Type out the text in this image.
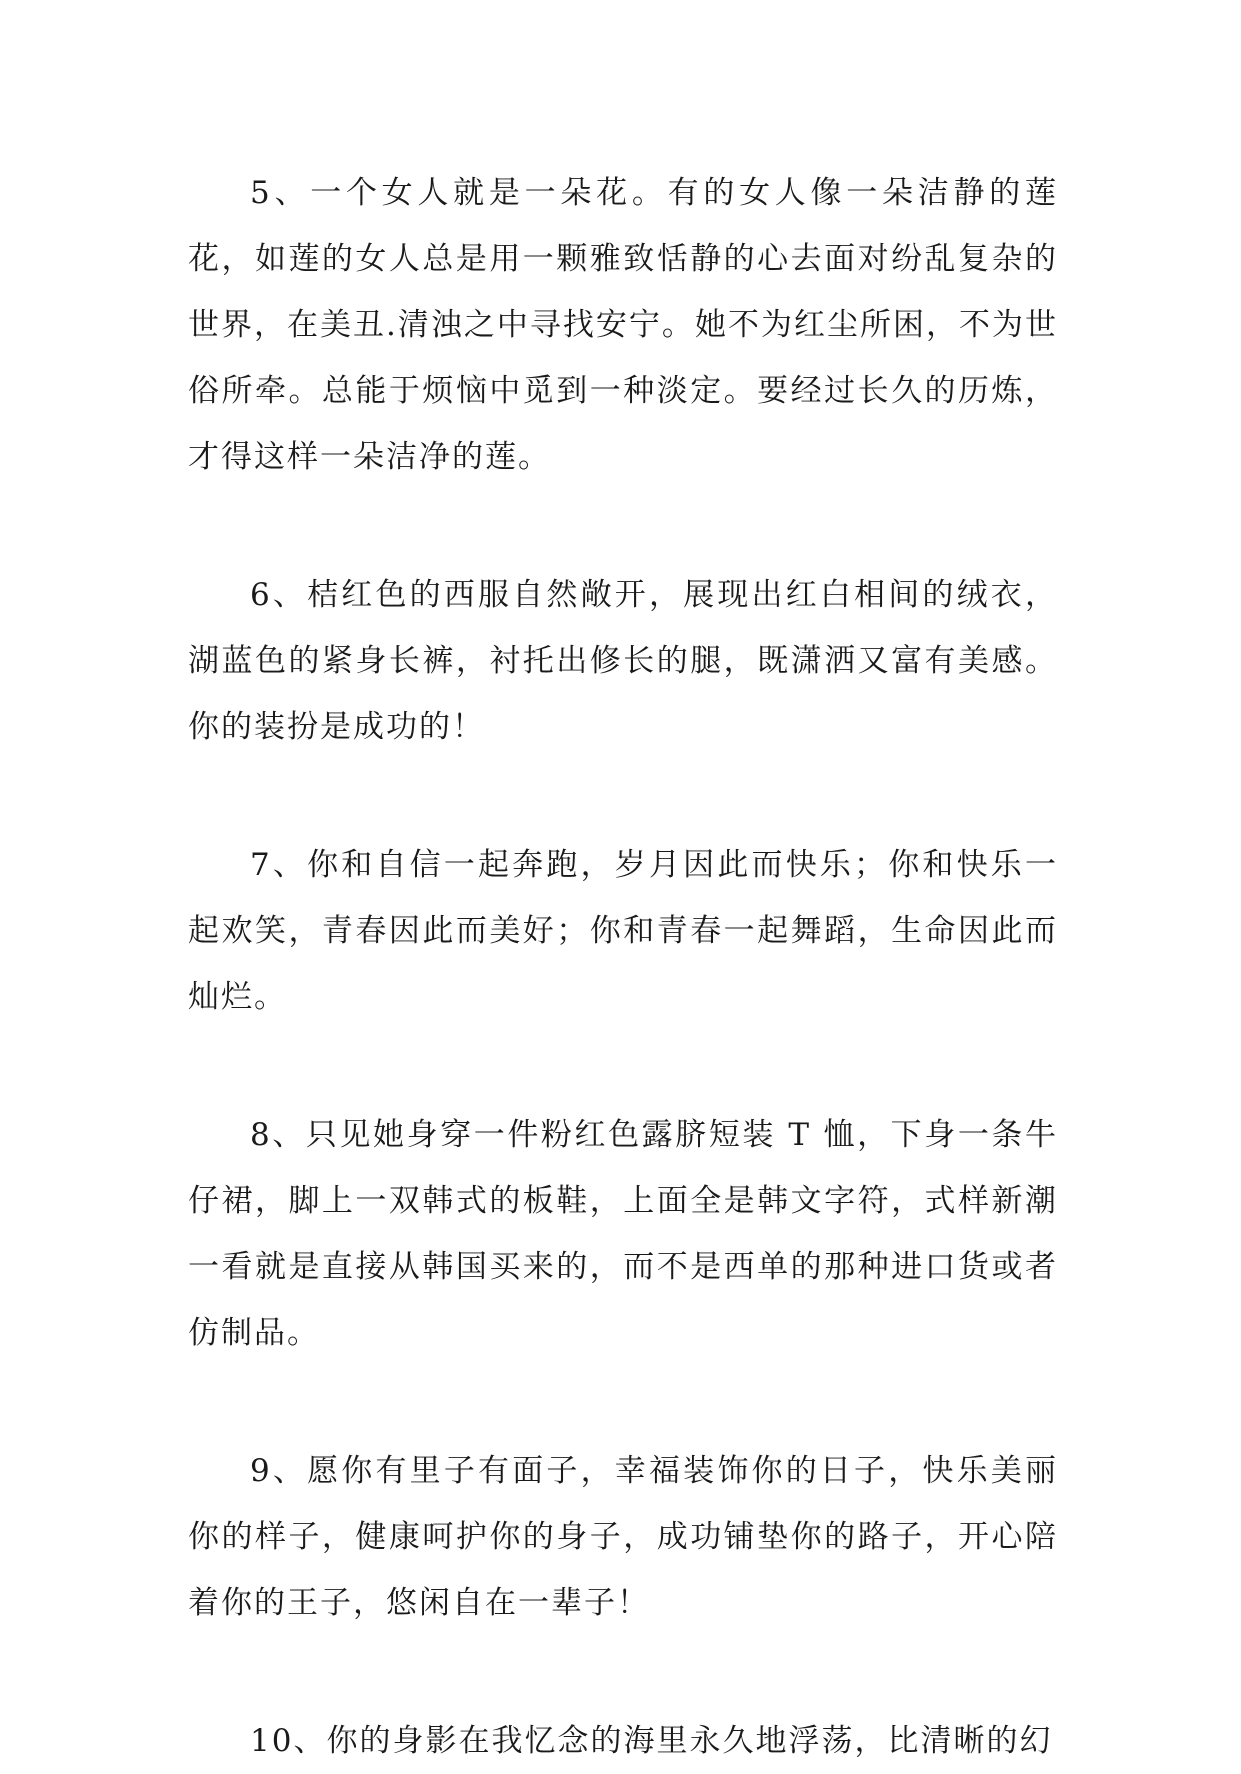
5、一个女人就是一朵花。有的女人像一朵洁静的莲花，如莲的女人总是用一颗雅致恬静的心去面对纷乱复杂的世界，在美丑.清浊之中寻找安宁。她不为红尘所困，不为世俗所牵。总能于烦恼中觅到一种淡定。要经过长久的历炼，才得这样一朵洁净的莲。

6、桔红色的西服自然敞开，展现出红白相间的绒衣，湖蓝色的紧身长裤，衬托出修长的腿，既潇洒又富有美感。你的装扮是成功的！

7、你和自信一起奔跑，岁月因此而快乐；你和快乐一起欢笑，青春因此而美好；你和青春一起舞蹈，生命因此而灿烂。

8、只见她身穿一件粉红色露脐短装 T 恤，下身一条牛仔裙，脚上一双韩式的板鞋，上面全是韩文字符，式样新潮一看就是直接从韩国买来的，而不是西单的那种进口货或者仿制品。

9、愿你有里子有面子，幸福装饰你的日子，快乐美丽你的样子，健康呵护你的身子，成功铺垫你的路子，开心陪着你的王子，悠闲自在一辈子！

10、你的身影在我忆念的海里永久地浮荡，比清晰的幻
